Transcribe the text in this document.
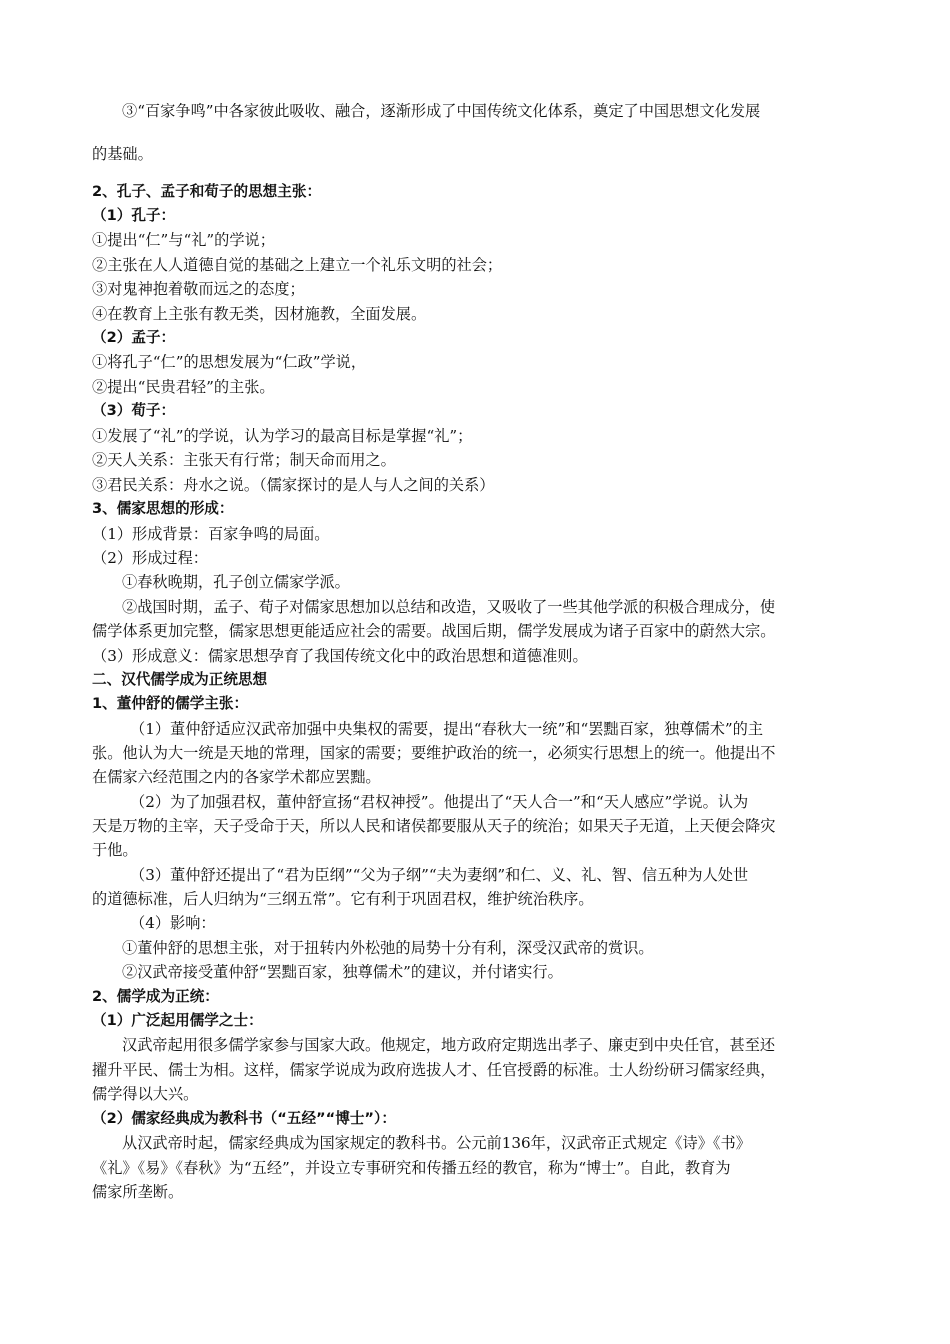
③“百家争鸣”中各家彼此吸收、融合，逐渐形成了中国传统文化体系，奠定了中国思想文化发展
的基础。
2、孔子、孟子和荀子的思想主张：
（1）孔子：
①提出“仁”与“礼”的学说；
②主张在人人道德自觉的基础之上建立一个礼乐文明的社会；
③对鬼神抱着敬而远之的态度；
④在教育上主张有教无类，因材施教，全面发展。
（2）孟子：
①将孔子“仁”的思想发展为“仁政”学说，
②提出“民贵君轻”的主张。
（3）荀子：
①发展了“礼”的学说，认为学习的最高目标是掌握“礼”；
②天人关系：主张天有行常；制天命而用之。
③君民关系：舟水之说。（儒家探讨的是人与人之间的关系）
3、儒家思想的形成：
（1）形成背景：百家争鸣的局面。
（2）形成过程：
①春秋晚期，孔子创立儒家学派。
②战国时期，孟子、荀子对儒家思想加以总结和改造，又吸收了一些其他学派的积极合理成分，使
儒学体系更加完整，儒家思想更能适应社会的需要。战国后期，儒学发展成为诸子百家中的蔚然大宗。
（3）形成意义：儒家思想孕育了我国传统文化中的政治思想和道德准则。
二、汉代儒学成为正统思想
1、董仲舒的儒学主张：
（1）董仲舒适应汉武帝加强中央集权的需要，提出“春秋大一统”和“罢黜百家，独尊儒术”的主
张。他认为大一统是天地的常理，国家的需要；要维护政治的统一，必须实行思想上的统一。他提出不
在儒家六经范围之内的各家学术都应罢黜。
（2）为了加强君权，董仲舒宣扬“君权神授”。他提出了“天人合一”和“天人感应”学说。认为
天是万物的主宰，天子受命于天，所以人民和诸侯都要服从天子的统治；如果天子无道，上天便会降灾
于他。
（3）董仲舒还提出了“君为臣纲”“父为子纲”“夫为妻纲”和仁、义、礼、智、信五种为人处世
的道德标准，后人归纳为“三纲五常”。它有利于巩固君权，维护统治秩序。
（4）影响：
①董仲舒的思想主张，对于扭转内外松弛的局势十分有利，深受汉武帝的赏识。
②汉武帝接受董仲舒“罢黜百家，独尊儒术”的建议，并付诸实行。
2、儒学成为正统：
（1）广泛起用儒学之士：
汉武帝起用很多儒学家参与国家大政。他规定，地方政府定期选出孝子、廉吏到中央任官，甚至还
擢升平民、儒士为相。这样，儒家学说成为政府选拔人才、任官授爵的标准。士人纷纷研习儒家经典，
儒学得以大兴。
（2）儒家经典成为教科书（“五经”“博士”）：
从汉武帝时起，儒家经典成为国家规定的教科书。公元前136年，汉武帝正式规定《诗》《书》
《礼》《易》《春秋》为“五经”，并设立专事研究和传播五经的教官，称为“博士”。自此，教育为
儒家所垄断。
